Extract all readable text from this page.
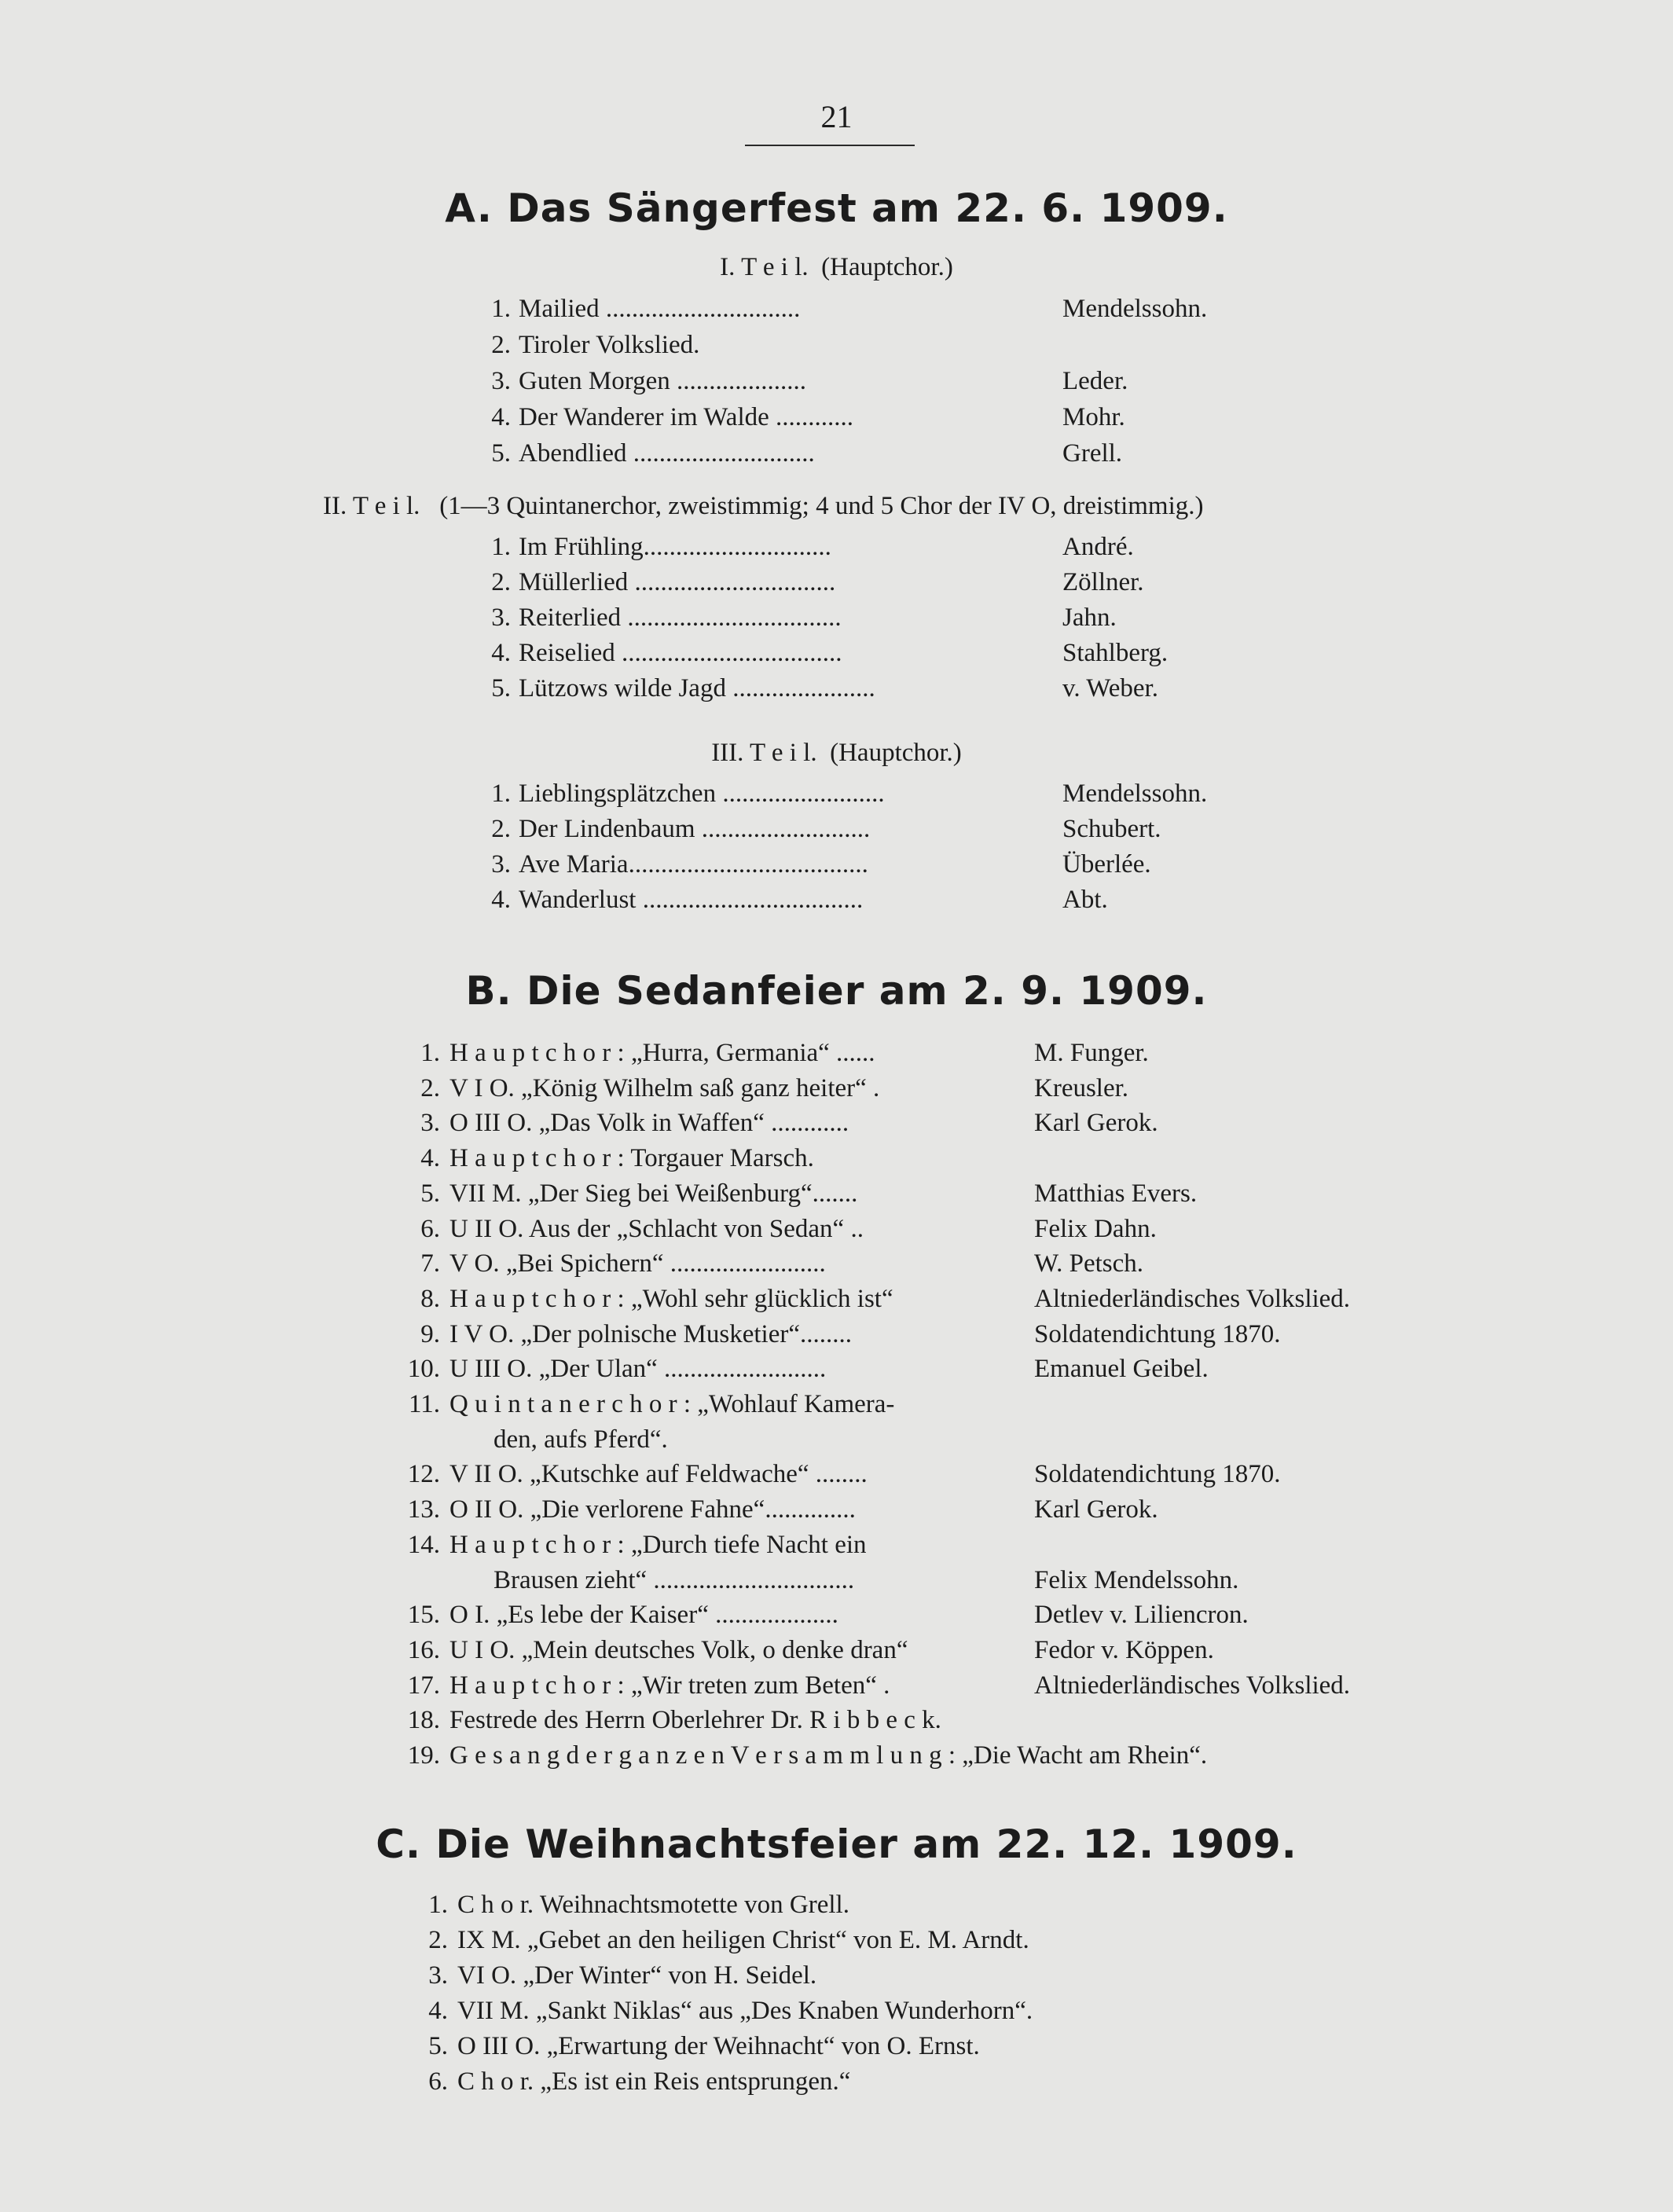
21
A. Das Sängerfest am 22. 6. 1909.
I. T e i l. (Hauptchor.)
1. Mailied ..............................	Mendelssohn.
2. Tiroler Volkslied.
3. Guten Morgen ....................	Leder.
4. Der Wanderer im Walde ............	Mohr.
5. Abendlied ............................	Grell.
II. T e i l. (1—3 Quintanerchor, zweistimmig; 4 und 5 Chor der IV O, dreistimmig.)
1. Im Frühling.............................	André.
2. Müllerlied ...............................	Zöllner.
3. Reiterlied .................................	Jahn.
4. Reiselied ..................................	Stahlberg.
5. Lützows wilde Jagd ......................	v. Weber.
III. T e i l. (Hauptchor.)
1. Lieblingsplätzchen .........................	Mendelssohn.
2. Der Lindenbaum ..........................	Schubert.
3. Ave Maria.....................................	Überlée.
4. Wanderlust ..................................	Abt.
B. Die Sedanfeier am 2. 9. 1909.
1. H a u p t c h o r : „Hurra, Germania“ ......	M. Funger.
2. V I O. „König Wilhelm saß ganz heiter“ .	Kreusler.
3. O III O. „Das Volk in Waffen“ ............	Karl Gerok.
4. H a u p t c h o r : Torgauer Marsch.
5. VII M. „Der Sieg bei Weißenburg“.......	Matthias Evers.
6. U II O. Aus der „Schlacht von Sedan“ ..	Felix Dahn.
7. V O. „Bei Spichern“ ........................	W. Petsch.
8. H a u p t c h o r : „Wohl sehr glücklich ist“	Altniederländisches Volkslied.
9. I V O. „Der polnische Musketier“........	Soldatendichtung 1870.
10. U III O. „Der Ulan“ .........................	Emanuel Geibel.
11. Q u i n t a n e r c h o r : „Wohlauf Kamera-
den, aufs Pferd“.
12. V II O. „Kutschke auf Feldwache“ ........	Soldatendichtung 1870.
13. O II O. „Die verlorene Fahne“..............	Karl Gerok.
14. H a u p t c h o r : „Durch tiefe Nacht ein
Brausen zieht“ ...............................	Felix Mendelssohn.
15. O I. „Es lebe der Kaiser“ ...................	Detlev v. Liliencron.
16. U I O. „Mein deutsches Volk, o denke dran“	Fedor v. Köppen.
17. H a u p t c h o r : „Wir treten zum Beten“ .	Altniederländisches Volkslied.
18. Festrede des Herrn Oberlehrer Dr. R i b b e c k.
19. G e s a n g d e r g a n z e n V e r s a m m l u n g : „Die Wacht am Rhein“.
C. Die Weihnachtsfeier am 22. 12. 1909.
1. C h o r. Weihnachtsmotette von Grell.
2. IX M. „Gebet an den heiligen Christ“ von E. M. Arndt.
3. VI O. „Der Winter“ von H. Seidel.
4. VII M. „Sankt Niklas“ aus „Des Knaben Wunderhorn“.
5. O III O. „Erwartung der Weihnacht“ von O. Ernst.
6. C h o r. „Es ist ein Reis entsprungen.“
